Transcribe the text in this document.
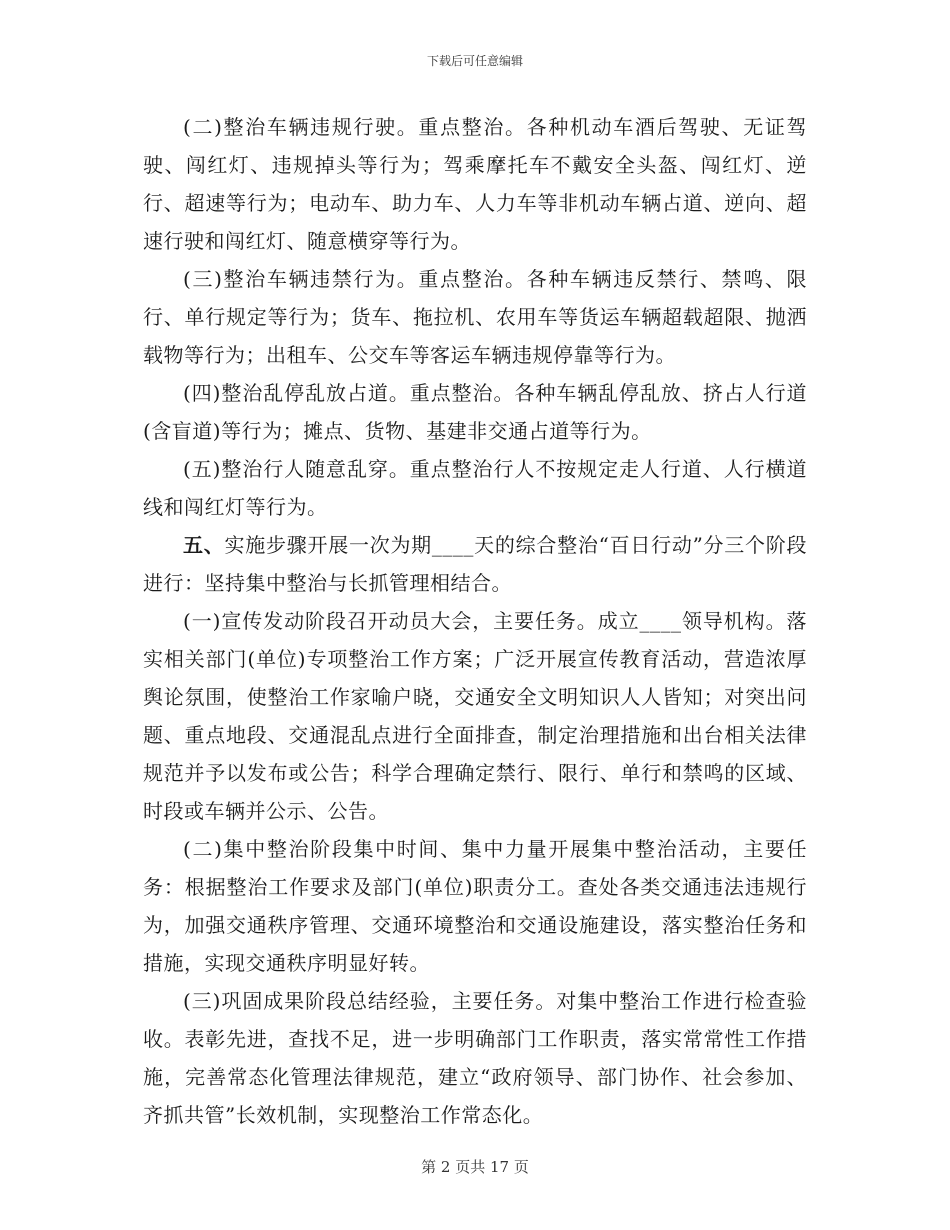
下载后可任意编辑

(二)整治车辆违规行驶。重点整治。各种机动车酒后驾驶、无证驾驶、闯红灯、违规掉头等行为；驾乘摩托车不戴安全头盔、闯红灯、逆行、超速等行为；电动车、助力车、人力车等非机动车辆占道、逆向、超速行驶和闯红灯、随意横穿等行为。

(三)整治车辆违禁行为。重点整治。各种车辆违反禁行、禁鸣、限行、单行规定等行为；货车、拖拉机、农用车等货运车辆超载超限、抛洒载物等行为；出租车、公交车等客运车辆违规停靠等行为。

(四)整治乱停乱放占道。重点整治。各种车辆乱停乱放、挤占人行道(含盲道)等行为；摊点、货物、基建非交通占道等行为。

(五)整治行人随意乱穿。重点整治行人不按规定走人行道、人行横道线和闯红灯等行为。

五、实施步骤开展一次为期____天的综合整治“百日行动”分三个阶段进行：坚持集中整治与长抓管理相结合。

(一)宣传发动阶段召开动员大会，主要任务。成立____领导机构。落实相关部门(单位)专项整治工作方案；广泛开展宣传教育活动，营造浓厚舆论氛围，使整治工作家喻户晓，交通安全文明知识人人皆知；对突出问题、重点地段、交通混乱点进行全面排查，制定治理措施和出台相关法律规范并予以发布或公告；科学合理确定禁行、限行、单行和禁鸣的区域、时段或车辆并公示、公告。

(二)集中整治阶段集中时间、集中力量开展集中整治活动，主要任务：根据整治工作要求及部门(单位)职责分工。查处各类交通违法违规行为，加强交通秩序管理、交通环境整治和交通设施建设，落实整治任务和措施，实现交通秩序明显好转。

(三)巩固成果阶段总结经验，主要任务。对集中整治工作进行检查验收。表彰先进，查找不足，进一步明确部门工作职责，落实常常性工作措施，完善常态化管理法律规范，建立“政府领导、部门协作、社会参加、齐抓共管”长效机制，实现整治工作常态化。

第 2 页共 17 页
